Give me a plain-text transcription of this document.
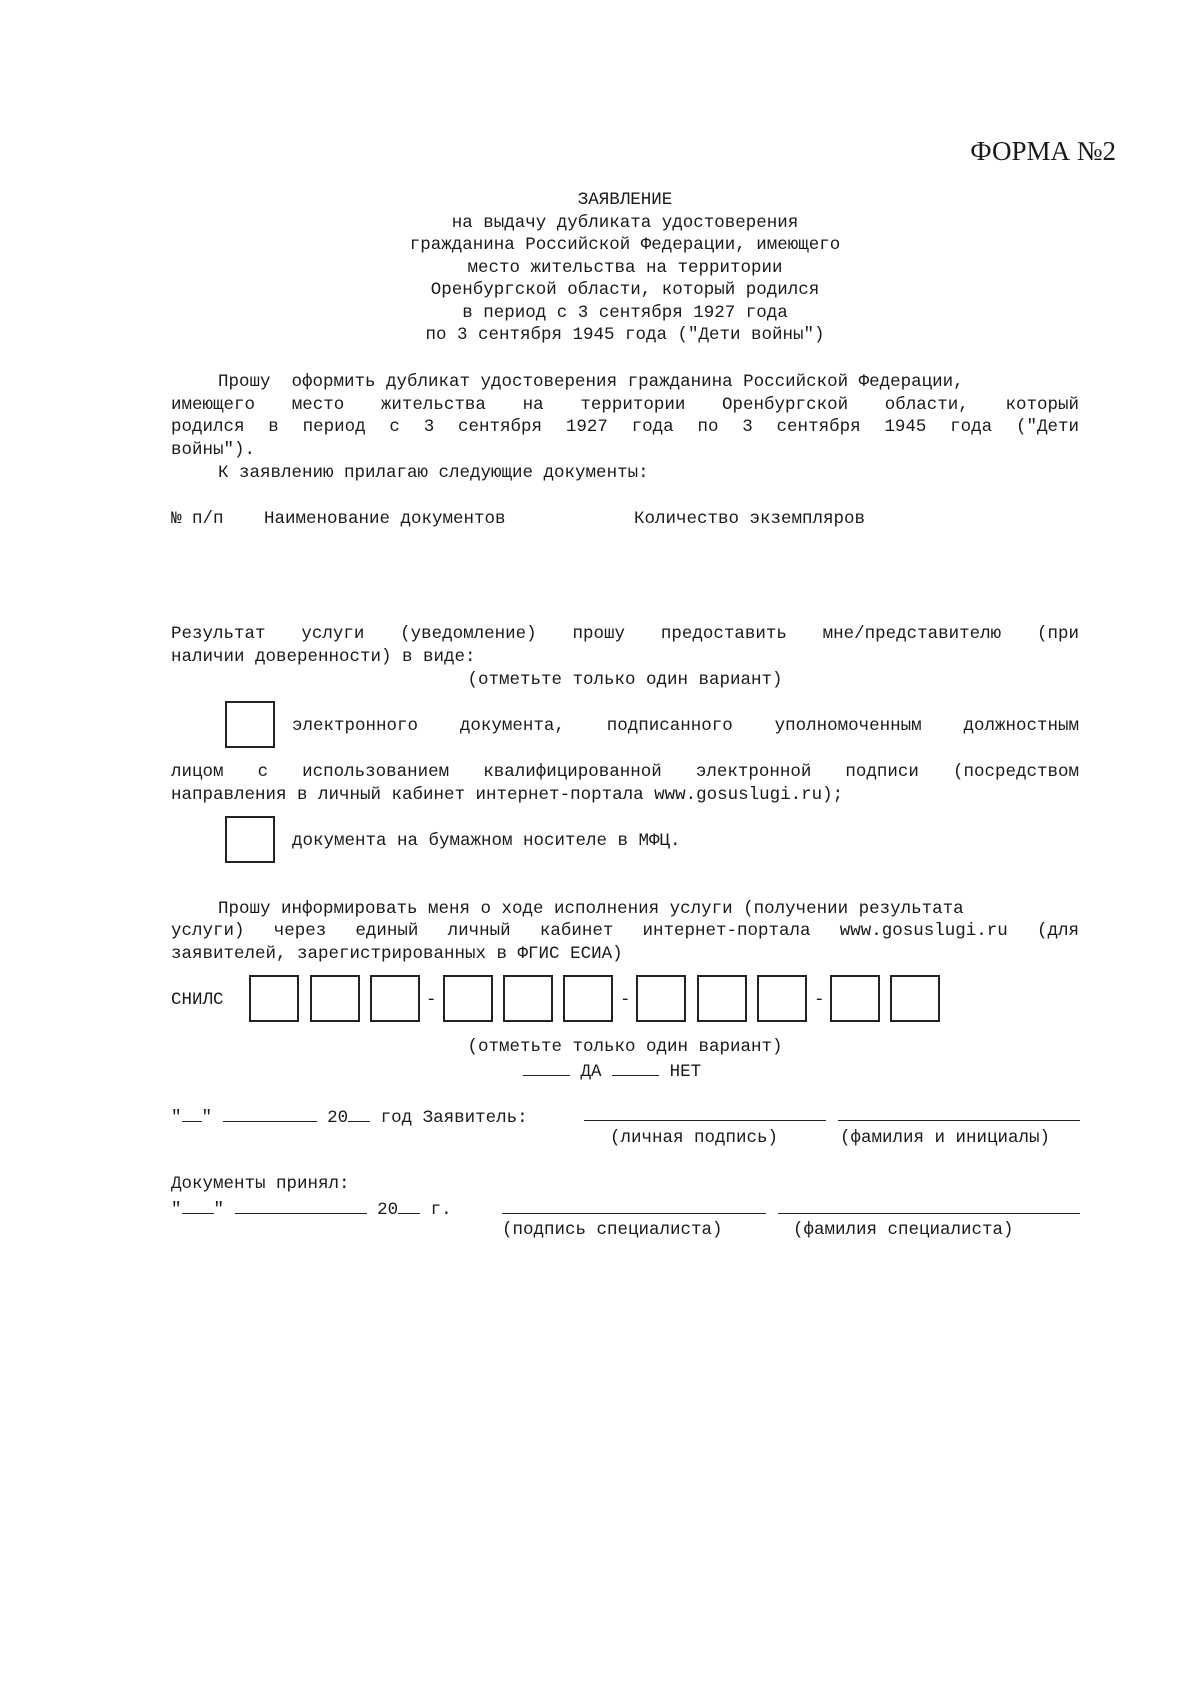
ФОРМА №2
ЗАЯВЛЕНИЕ
на выдачу дубликата удостоверения
гражданина Российской Федерации, имеющего
место жительства на территории
Оренбургской области, который родился
в период с 3 сентября 1927 года
по 3 сентября 1945 года ("Дети войны")
Прошу  оформить дубликат удостоверения гражданина Российской Федерации,
имеющего место жительства на территории Оренбургской области, который
родился в период с 3 сентября 1927 года по 3 сентября 1945 года ("Дети
войны").
К заявлению прилагаю следующие документы:
№ п/п Наименование документов	Количество экземпляров
Результат услуги (уведомление) прошу предоставить мне/представителю (при
наличии доверенности) в виде:
(отметьте только один вариант)
электронного документа, подписанного уполномоченным должностным
лицом с использованием квалифицированной электронной подписи (посредством
направления в личный кабинет интернет-портала www.gosuslugi.ru);
документа на бумажном носителе в МФЦ.
Прошу информировать меня о ходе исполнения услуги (получении результата
услуги) через единый личный кабинет интернет-портала www.gosuslugi.ru (для
заявителей, зарегистрированных в ФГИС ЕСИА)
СНИЛС	-	-	-
(отметьте только один вариант)
ДА	НЕТ
" "	20 год Заявитель:
(личная подпись)	(фамилия и инициалы)
Документы принял:
" "	20 г.
(подпись специалиста)	(фамилия специалиста)
